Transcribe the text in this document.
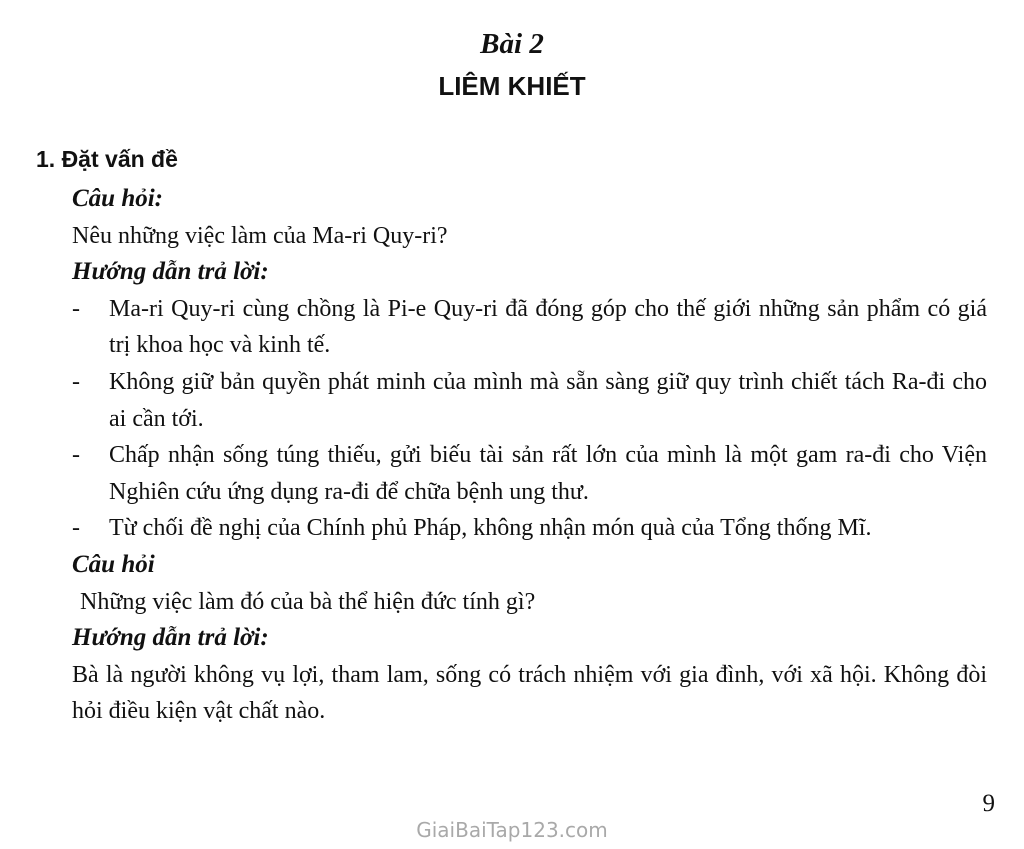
Bài 2
LIÊM KHIẾT
1. Đặt vấn đề
Câu hỏi:
Nêu những việc làm của Ma-ri Quy-ri?
Hướng dẫn trả lời:
- Ma-ri Quy-ri cùng chồng là Pi-e Quy-ri đã đóng góp cho thế giới những sản phẩm có giá trị khoa học và kinh tế.
- Không giữ bản quyền phát minh của mình mà sẵn sàng giữ quy trình chiết tách Ra-đi cho ai cần tới.
- Chấp nhận sống túng thiếu, gửi biếu tài sản rất lớn của mình là một gam ra-đi cho Viện Nghiên cứu ứng dụng ra-đi để chữa bệnh ung thư.
- Từ chối đề nghị của Chính phủ Pháp, không nhận món quà của Tổng thống Mĩ.
Câu hỏi
Những việc làm đó của bà thể hiện đức tính gì?
Hướng dẫn trả lời:
Bà là người không vụ lợi, tham lam, sống có trách nhiệm với gia đình, với xã hội. Không đòi hỏi điều kiện vật chất nào.
9
GiaiBaiTap123.com
